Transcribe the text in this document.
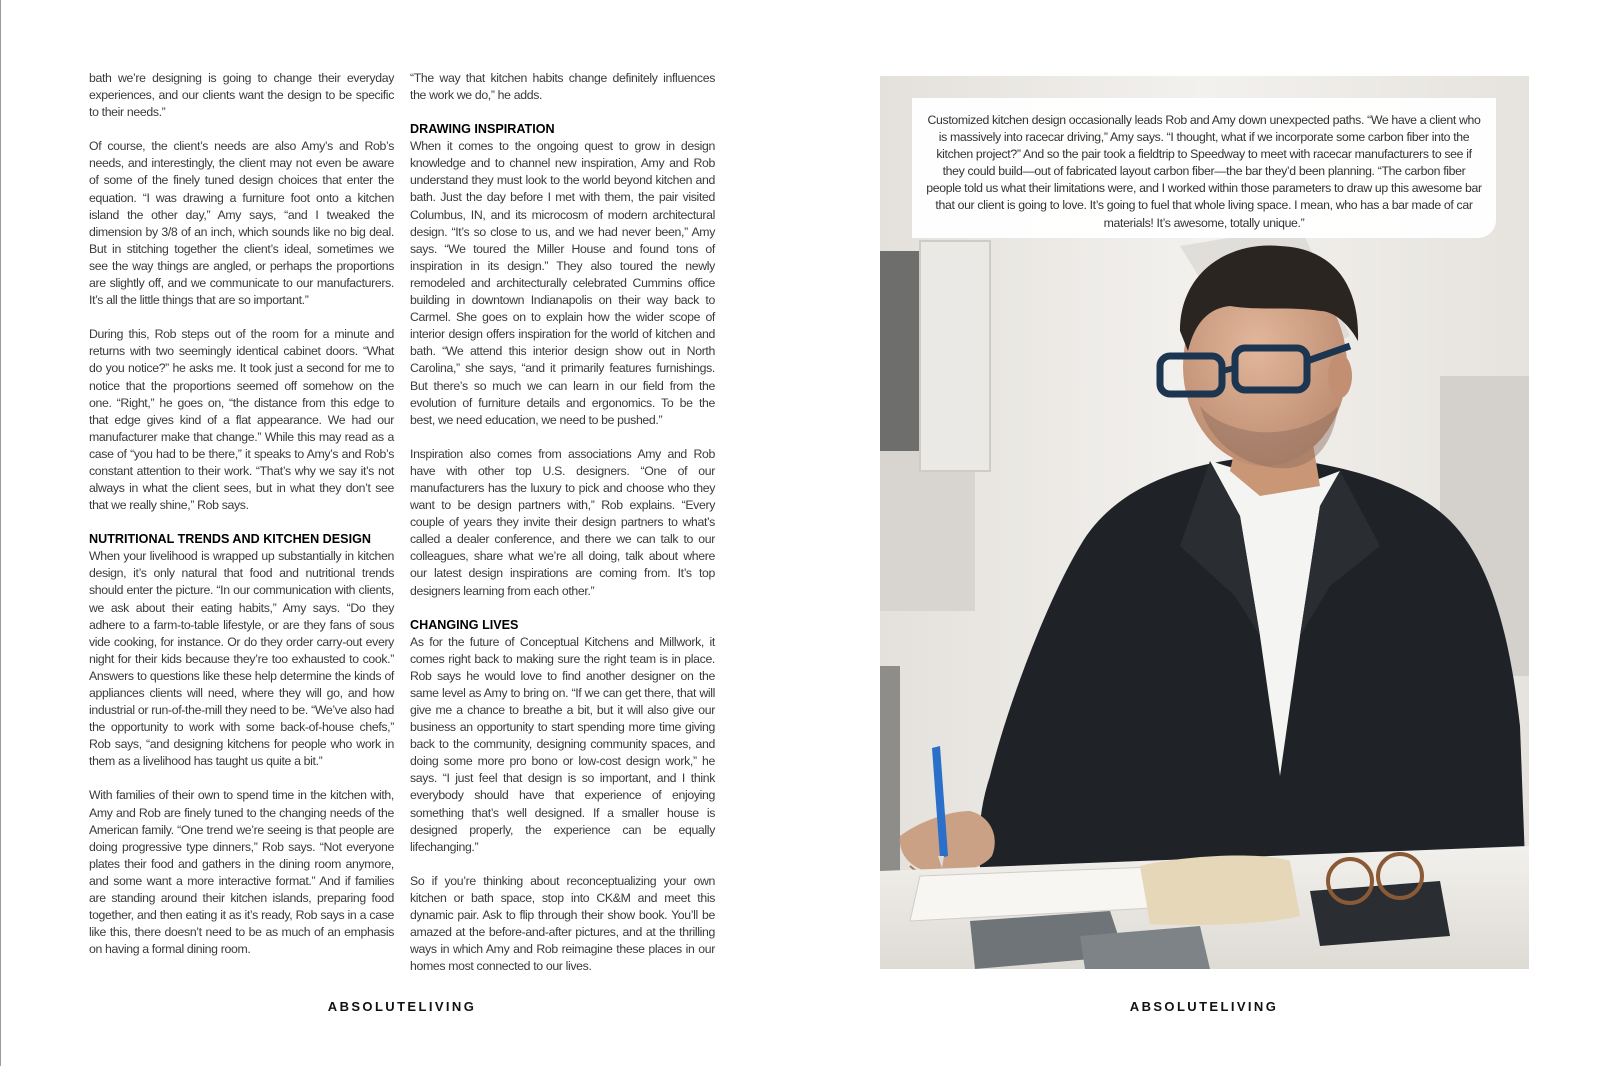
bath we’re designing is going to change their everyday experiences, and our clients want the design to be specific to their needs.”

Of course, the client’s needs are also Amy’s and Rob’s needs, and interestingly, the client may not even be aware of some of the finely tuned design choices that enter the equation. “I was drawing a furniture foot onto a kitchen island the other day,” Amy says, “and I tweaked the dimension by 3/8 of an inch, which sounds like no big deal. But in stitching together the client’s ideal, sometimes we see the way things are angled, or perhaps the proportions are slightly off, and we communicate to our manufacturers. It’s all the little things that are so important.”

During this, Rob steps out of the room for a minute and returns with two seemingly identical cabinet doors. “What do you notice?” he asks me. It took just a second for me to notice that the proportions seemed off somehow on the one. “Right,” he goes on, “the distance from this edge to that edge gives kind of a flat appearance. We had our manufacturer make that change.” While this may read as a case of “you had to be there,” it speaks to Amy’s and Rob’s constant attention to their work. “That’s why we say it’s not always in what the client sees, but in what they don’t see that we really shine,” Rob says.

NUTRITIONAL TRENDS AND KITCHEN DESIGN

When your livelihood is wrapped up substantially in kitchen design, it’s only natural that food and nutritional trends should enter the picture. “In our communication with clients, we ask about their eating habits,” Amy says. “Do they adhere to a farm-to-table lifestyle, or are they fans of sous vide cooking, for instance. Or do they order carry-out every night for their kids because they’re too exhausted to cook.” Answers to questions like these help determine the kinds of appliances clients will need, where they will go, and how industrial or run-of-the-mill they need to be. “We’ve also had the opportunity to work with some back-of-house chefs,” Rob says, “and designing kitchens for people who work in them as a livelihood has taught us quite a bit.”

With families of their own to spend time in the kitchen with, Amy and Rob are finely tuned to the changing needs of the American family. “One trend we’re seeing is that people are doing progressive type dinners,” Rob says. “Not everyone plates their food and gathers in the dining room anymore, and some want a more interactive format.” And if families are standing around their kitchen islands, preparing food together, and then eating it as it’s ready, Rob says in a case like this, there doesn’t need to be as much of an emphasis on having a formal dining room.

“The way that kitchen habits change definitely influences the work we do,” he adds.

DRAWING INSPIRATION

When it comes to the ongoing quest to grow in design knowledge and to channel new inspiration, Amy and Rob understand they must look to the world beyond kitchen and bath. Just the day before I met with them, the pair visited Columbus, IN, and its microcosm of modern architectural design. “It’s so close to us, and we had never been,” Amy says. “We toured the Miller House and found tons of inspiration in its design.” They also toured the newly remodeled and architecturally celebrated Cummins office building in downtown Indianapolis on their way back to Carmel. She goes on to explain how the wider scope of interior design offers inspiration for the world of kitchen and bath. “We attend this interior design show out in North Carolina,” she says, “and it primarily features furnishings. But there’s so much we can learn in our field from the evolution of furniture details and ergonomics. To be the best, we need education, we need to be pushed.”

Inspiration also comes from associations Amy and Rob have with other top U.S. designers. “One of our manufacturers has the luxury to pick and choose who they want to be design partners with,” Rob explains. “Every couple of years they invite their design partners to what’s called a dealer conference, and there we can talk to our colleagues, share what we’re all doing, talk about where our latest design inspirations are coming from. It’s top designers learning from each other.”

CHANGING LIVES

As for the future of Conceptual Kitchens and Millwork, it comes right back to making sure the right team is in place. Rob says he would love to find another designer on the same level as Amy to bring on. “If we can get there, that will give me a chance to breathe a bit, but it will also give our business an opportunity to start spending more time giving back to the community, designing community spaces, and doing some more pro bono or low-cost design work,” he says. “I just feel that design is so important, and I think everybody should have that experience of enjoying something that’s well designed. If a smaller house is designed properly, the experience can be equally lifechanging.”

So if you’re thinking about reconceptualizing your own kitchen or bath space, stop into CK&M and meet this dynamic pair. Ask to flip through their show book. You’ll be amazed at the before-and-after pictures, and at the thrilling ways in which Amy and Rob reimagine these places in our homes most connected to our lives.

Customized kitchen design occasionally leads Rob and Amy down unexpected paths. “We have a client who is massively into racecar driving,” Amy says. “I thought, what if we incorporate some carbon fiber into the kitchen project?” And so the pair took a fieldtrip to Speedway to meet with racecar manufacturers to see if they could build—out of fabricated layout carbon fiber—the bar they’d been planning. “The carbon fiber people told us what their limitations were, and I worked within those parameters to draw up this awesome bar that our client is going to love. It’s going to fuel that whole living space. I mean, who has a bar made of car materials! It’s awesome, totally unique.”
ABSOLUTELIVING	ABSOLUTELIVING
